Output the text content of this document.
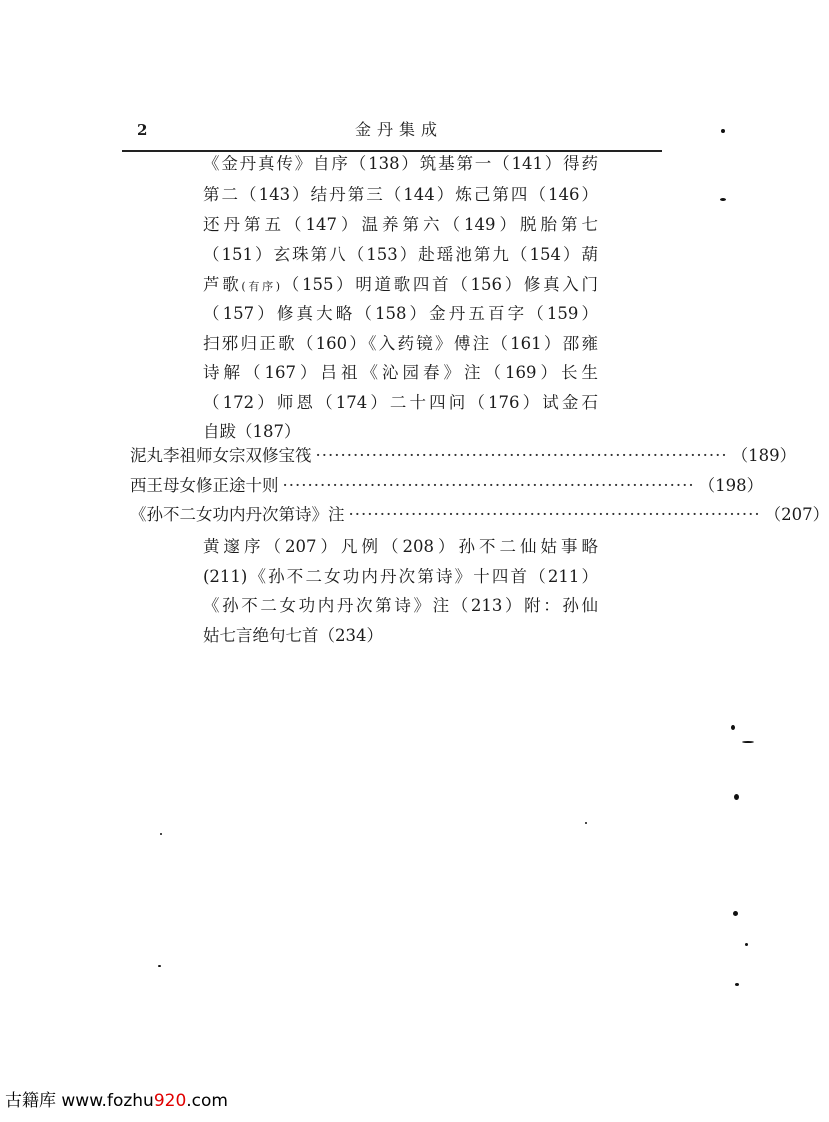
2	金丹集成
《金丹真传》自序（138）筑基第一（141）得药
第二（143）结丹第三（144）炼己第四（146）
还丹第五（147）温养第六（149）脱胎第七
（151）玄珠第八（153）赴瑶池第九（154）葫
芦歌(有序)（155）明道歌四首（156）修真入门
（157）修真大略（158）金丹五百字（159）
扫邪归正歌（160）《入药镜》傅注（161）邵雍
诗解（167）吕祖《沁园春》注（169）长生
（172）师恩（174）二十四问（176）试金石
自跋（187）
泥丸李祖师女宗双修宝筏 ·································································· （189）
西王母女修正途十则 ·································································· （198）
《孙不二女功内丹次第诗》注 ·································································· （207）
黄邃序（207）凡例（208）孙不二仙姑事略
(211)《孙不二女功内丹次第诗》十四首（211）
《孙不二女功内丹次第诗》注（213）附：孙仙
姑七言绝句七首（234）
古籍库 www.fozhu920.com
